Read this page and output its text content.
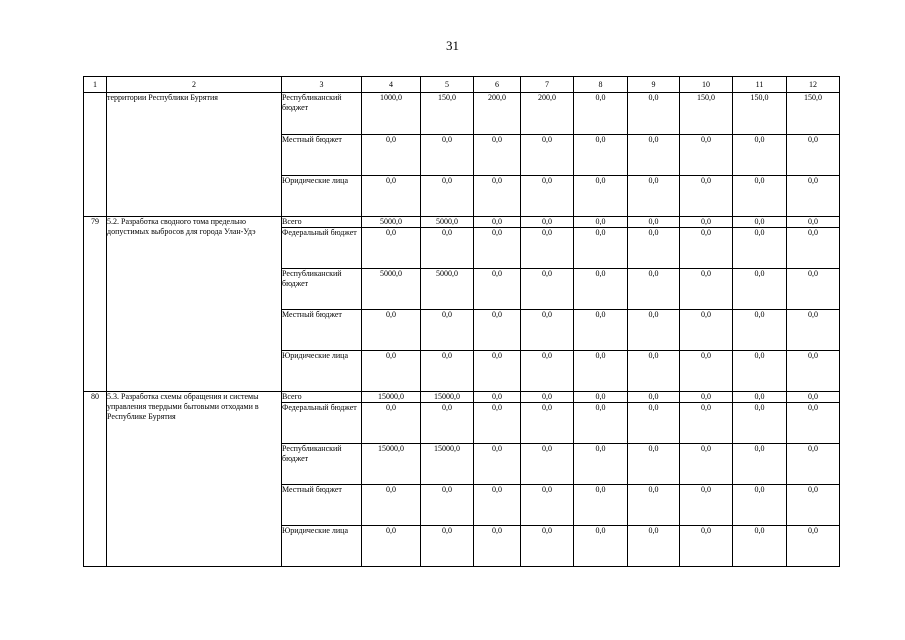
31
1	2	3	4	5	6	7	8	9	10	11	12
	территории Республики Бурятия	Республиканский бюджет	1000,0	150,0	200,0	200,0	0,0	0,0	150,0	150,0	150,0
		Местный бюджет	0,0	0,0	0,0	0,0	0,0	0,0	0,0	0,0	0,0
		Юридические лица	0,0	0,0	0,0	0,0	0,0	0,0	0,0	0,0	0,0
79	5.2. Разработка сводного тома предельно допустимых выбросов для города Улан-Удэ	Всего	5000,0	5000,0	0,0	0,0	0,0	0,0	0,0	0,0	0,0
		Федеральный бюджет	0,0	0,0	0,0	0,0	0,0	0,0	0,0	0,0	0,0
		Республиканский бюджет	5000,0	5000,0	0,0	0,0	0,0	0,0	0,0	0,0	0,0
		Местный бюджет	0,0	0,0	0,0	0,0	0,0	0,0	0,0	0,0	0,0
		Юридические лица	0,0	0,0	0,0	0,0	0,0	0,0	0,0	0,0	0,0
80	5.3. Разработка схемы обращения и системы управления твердыми бытовыми отходами в Республике Бурятия	Всего	15000,0	15000,0	0,0	0,0	0,0	0,0	0,0	0,0	0,0
		Федеральный бюджет	0,0	0,0	0,0	0,0	0,0	0,0	0,0	0,0	0,0
		Республиканский бюджет	15000,0	15000,0	0,0	0,0	0,0	0,0	0,0	0,0	0,0
		Местный бюджет	0,0	0,0	0,0	0,0	0,0	0,0	0,0	0,0	0,0
		Юридические лица	0,0	0,0	0,0	0,0	0,0	0,0	0,0	0,0	0,0
